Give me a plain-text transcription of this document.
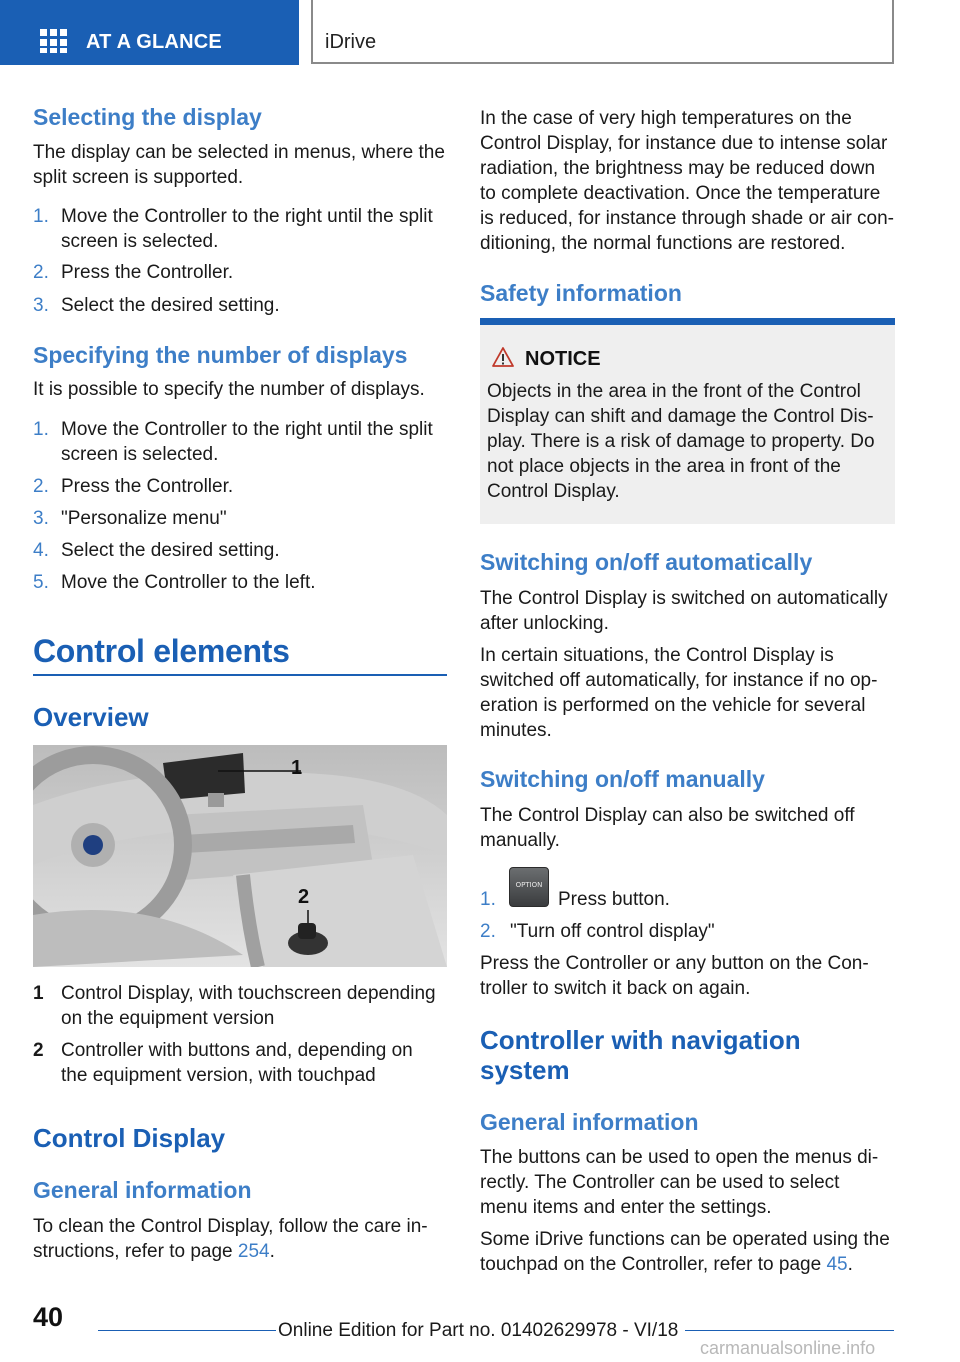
AT A GLANCE	iDrive
Selecting the display
The display can be selected in menus, where the
split screen is supported.
1. Move the Controller to the right until the split
screen is selected.
2. Press the Controller.
3. Select the desired setting.
Specifying the number of displays
It is possible to specify the number of displays.
1. Move the Controller to the right until the split
screen is selected.
2. Press the Controller.
3. "Personalize menu"
4. Select the desired setting.
5. Move the Controller to the left.
Control elements
Overview
1
2
1 Control Display, with touchscreen depending
on the equipment version
2 Controller with buttons and, depending on
the equipment version, with touchpad
Control Display
General information
To clean the Control Display, follow the care in-
structions, refer to page 254.
In the case of very high temperatures on the
Control Display, for instance due to intense solar
radiation, the brightness may be reduced down
to complete deactivation. Once the temperature
is reduced, for instance through shade or air con-
ditioning, the normal functions are restored.
Safety information
NOTICE
Objects in the area in the front of the Control
Display can shift and damage the Control Dis-
play. There is a risk of damage to property. Do
not place objects in the area in front of the
Control Display.
Switching on/off automatically
The Control Display is switched on automatically
after unlocking.
In certain situations, the Control Display is
switched off automatically, for instance if no op-
eration is performed on the vehicle for several
minutes.
Switching on/off manually
The Control Display can also be switched off
manually.
1.
OPTION
Press button.
2. "Turn off control display"
Press the Controller or any button on the Con-
troller to switch it back on again.
Controller with navigation
system
General information
The buttons can be used to open the menus di-
rectly. The Controller can be used to select
menu items and enter the settings.
Some iDrive functions can be operated using the
touchpad on the Controller, refer to page 45.
40	Online Edition for Part no. 01402629978 - VI/18
carmanualsonline.info
